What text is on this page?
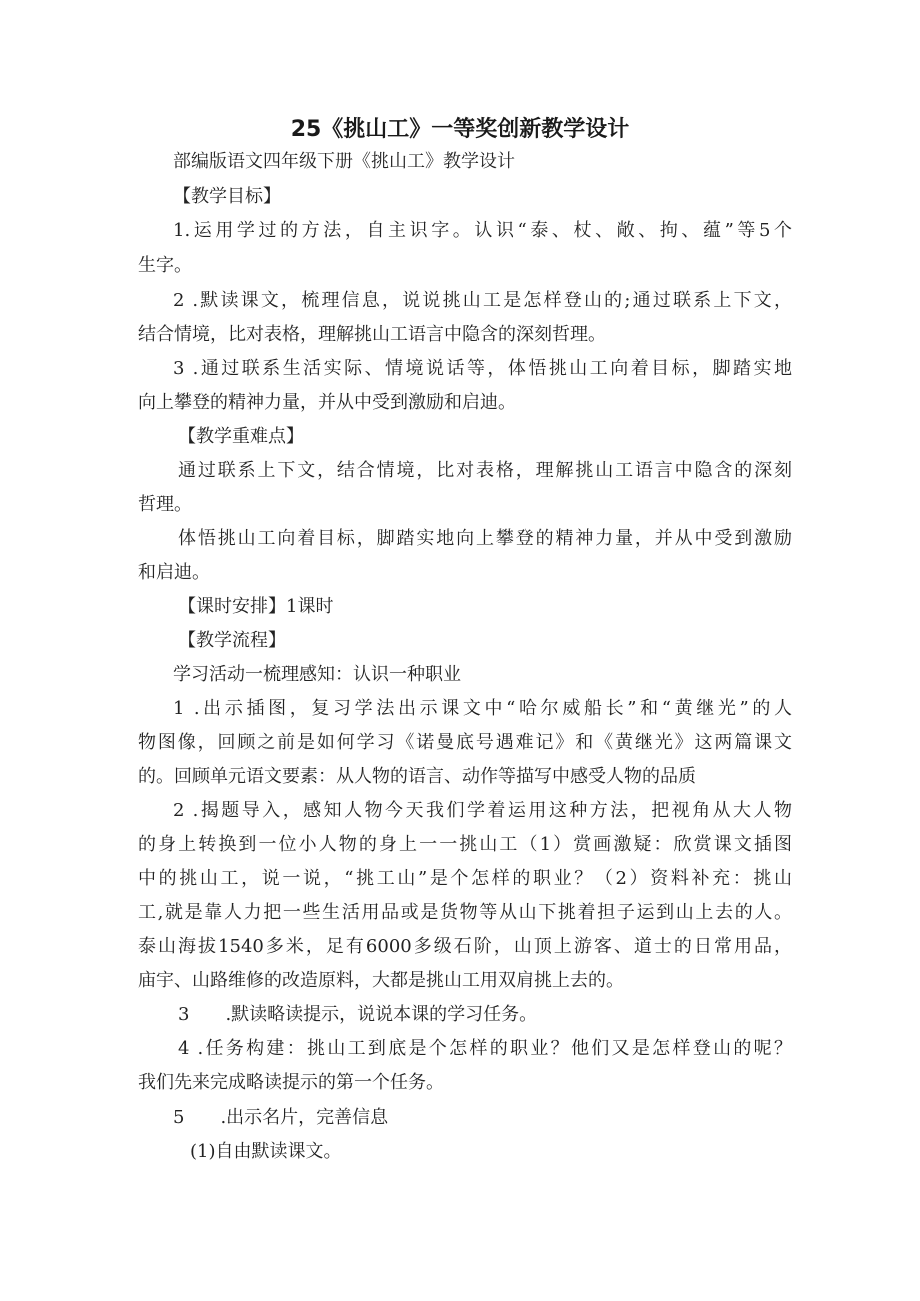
25《挑山工》一等奖创新教学设计
部编版语文四年级下册《挑山工》教学设计
【教学目标】
1.运用学过的方法，自主识字。认识“泰、杖、敞、拘、蕴”等5个
生字。
2 .默读课文，梳理信息，说说挑山工是怎样登山的;通过联系上下文，
结合情境，比对表格，理解挑山工语言中隐含的深刻哲理。
3 .通过联系生活实际、情境说话等，体悟挑山工向着目标，脚踏实地
向上攀登的精神力量，并从中受到激励和启迪。
【教学重难点】
通过联系上下文，结合情境，比对表格，理解挑山工语言中隐含的深刻
哲理。
体悟挑山工向着目标，脚踏实地向上攀登的精神力量，并从中受到激励
和启迪。
【课时安排】1课时
【教学流程】
学习活动一梳理感知：认识一种职业
1 .出示插图，复习学法出示课文中“哈尔威船长”和“黄继光”的人
物图像，回顾之前是如何学习《诺曼底号遇难记》和《黄继光》这两篇课文
的。回顾单元语文要素：从人物的语言、动作等描写中感受人物的品质
2 .揭题导入，感知人物今天我们学着运用这种方法，把视角从大人物
的身上转换到一位小人物的身上一一挑山工（1）赏画激疑：欣赏课文插图
中的挑山工，说一说，“挑工山”是个怎样的职业？（2）资料补充：挑山
工,就是靠人力把一些生活用品或是货物等从山下挑着担子运到山上去的人。
泰山海拔1540多米，足有6000多级石阶，山顶上游客、道士的日常用品，
庙宇、山路维修的改造原料，大都是挑山工用双肩挑上去的。
3　　.默读略读提示，说说本课的学习任务。
4 .任务构建：挑山工到底是个怎样的职业？他们又是怎样登山的呢？
我们先来完成略读提示的第一个任务。
5　　.出示名片，完善信息
(1)自由默读课文。
